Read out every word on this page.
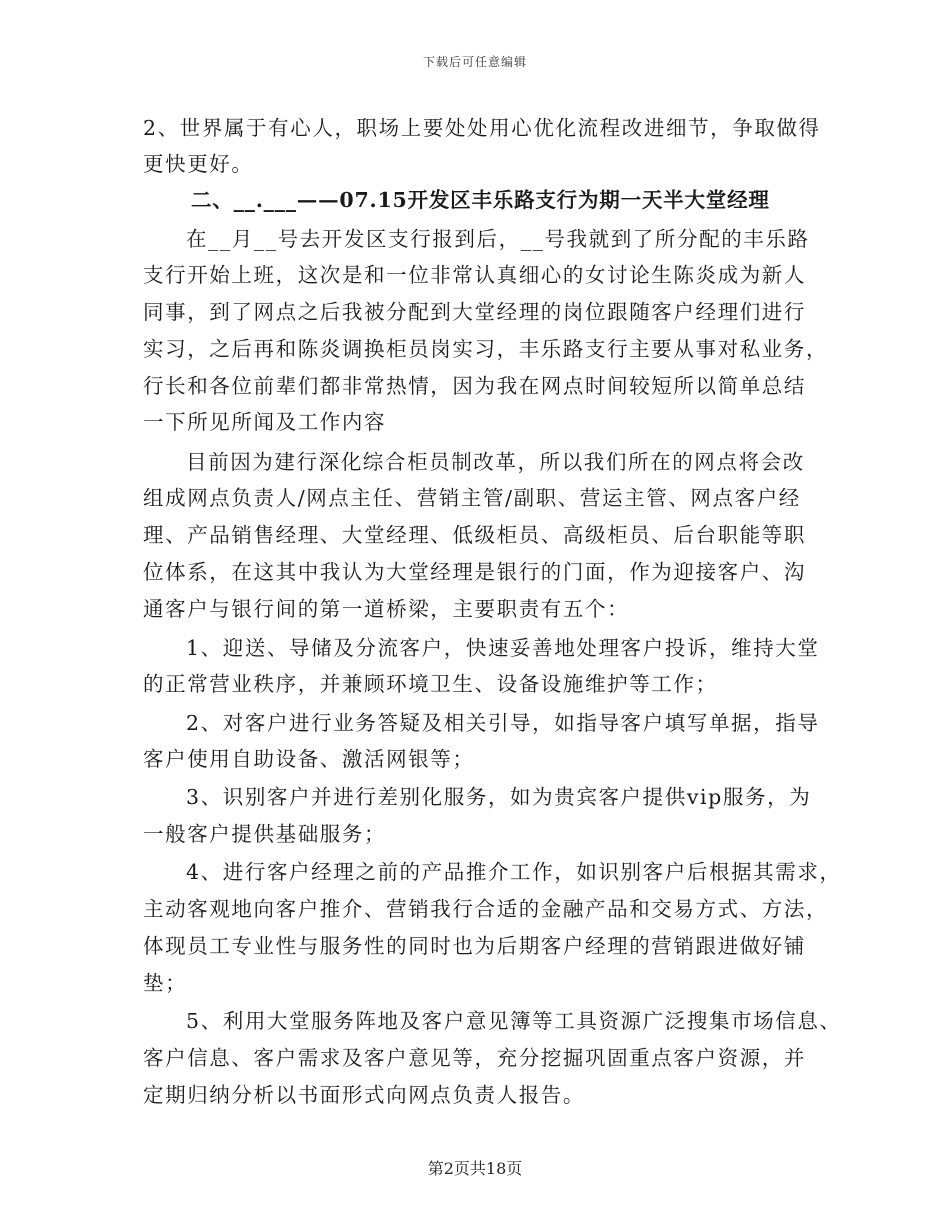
下载后可任意编辑
2、世界属于有心人，职场上要处处用心优化流程改进细节，争取做得
更快更好。
二、__.___——07.15开发区丰乐路支行为期一天半大堂经理
在__月__号去开发区支行报到后，__号我就到了所分配的丰乐路
支行开始上班，这次是和一位非常认真细心的女讨论生陈炎成为新人
同事，到了网点之后我被分配到大堂经理的岗位跟随客户经理们进行
实习，之后再和陈炎调换柜员岗实习，丰乐路支行主要从事对私业务，
行长和各位前辈们都非常热情，因为我在网点时间较短所以简单总结
一下所见所闻及工作内容
目前因为建行深化综合柜员制改革，所以我们所在的网点将会改
组成网点负责人/网点主任、营销主管/副职、营运主管、网点客户经
理、产品销售经理、大堂经理、低级柜员、高级柜员、后台职能等职
位体系，在这其中我认为大堂经理是银行的门面，作为迎接客户、沟
通客户与银行间的第一道桥梁，主要职责有五个：
1、迎送、导储及分流客户，快速妥善地处理客户投诉，维持大堂
的正常营业秩序，并兼顾环境卫生、设备设施维护等工作；
2、对客户进行业务答疑及相关引导，如指导客户填写单据，指导
客户使用自助设备、激活网银等；
3、识别客户并进行差别化服务，如为贵宾客户提供vip服务，为
一般客户提供基础服务；
4、进行客户经理之前的产品推介工作，如识别客户后根据其需求，
主动客观地向客户推介、营销我行合适的金融产品和交易方式、方法，
体现员工专业性与服务性的同时也为后期客户经理的营销跟进做好铺
垫；
5、利用大堂服务阵地及客户意见簿等工具资源广泛搜集市场信息、
客户信息、客户需求及客户意见等，充分挖掘巩固重点客户资源，并
定期归纳分析以书面形式向网点负责人报告。
第2页共18页
